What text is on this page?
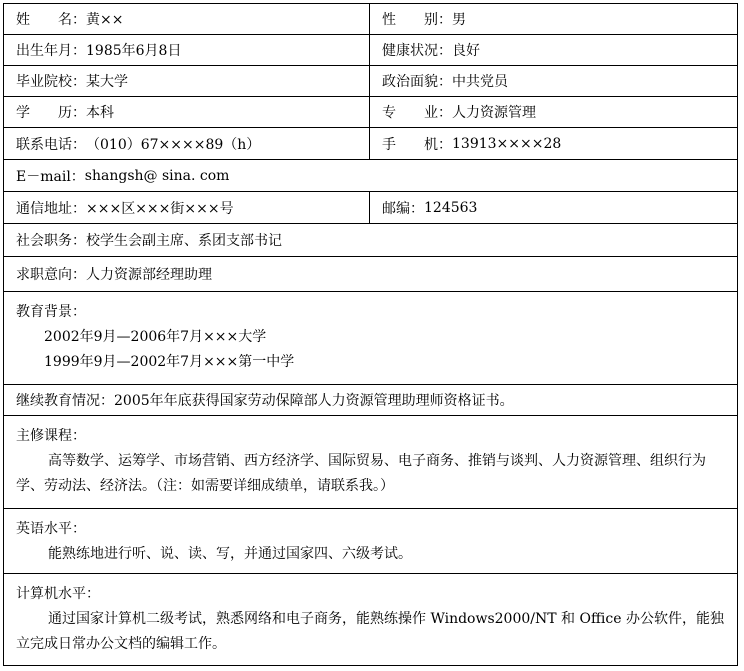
姓　　名： 黄××	性　　别： 男
出生年月： 1985年6月8日	健康状况： 良好
毕业院校： 某大学	政治面貌： 中共党员
学　　历： 本科	专　　业： 人力资源管理
联系电话： （010）67××××89（h）	手　　机： 13913××××28
E－mail： shangsh@ sina. com
通信地址： ×××区×××街×××号	邮编： 124563
社会职务： 校学生会副主席、系团支部书记
求职意向： 人力资源部经理助理
教育背景：
2002年9月—2006年7月×××大学
1999年9月—2002年7月×××第一中学
继续教育情况： 2005年年底获得国家劳动保障部人力资源管理助理师资格证书。
主修课程：
高等数学、运筹学、市场营销、西方经济学、国际贸易、电子商务、推销与谈判、人力资源管理、组织行为学、劳动法、经济法。（注：如需要详细成绩单，请联系我。）
英语水平：
能熟练地进行听、说、读、写，并通过国家四、六级考试。
计算机水平：
通过国家计算机二级考试，熟悉网络和电子商务，能熟练操作 Windows2000/NT 和 Office 办公软件，能独立完成日常办公文档的编辑工作。
